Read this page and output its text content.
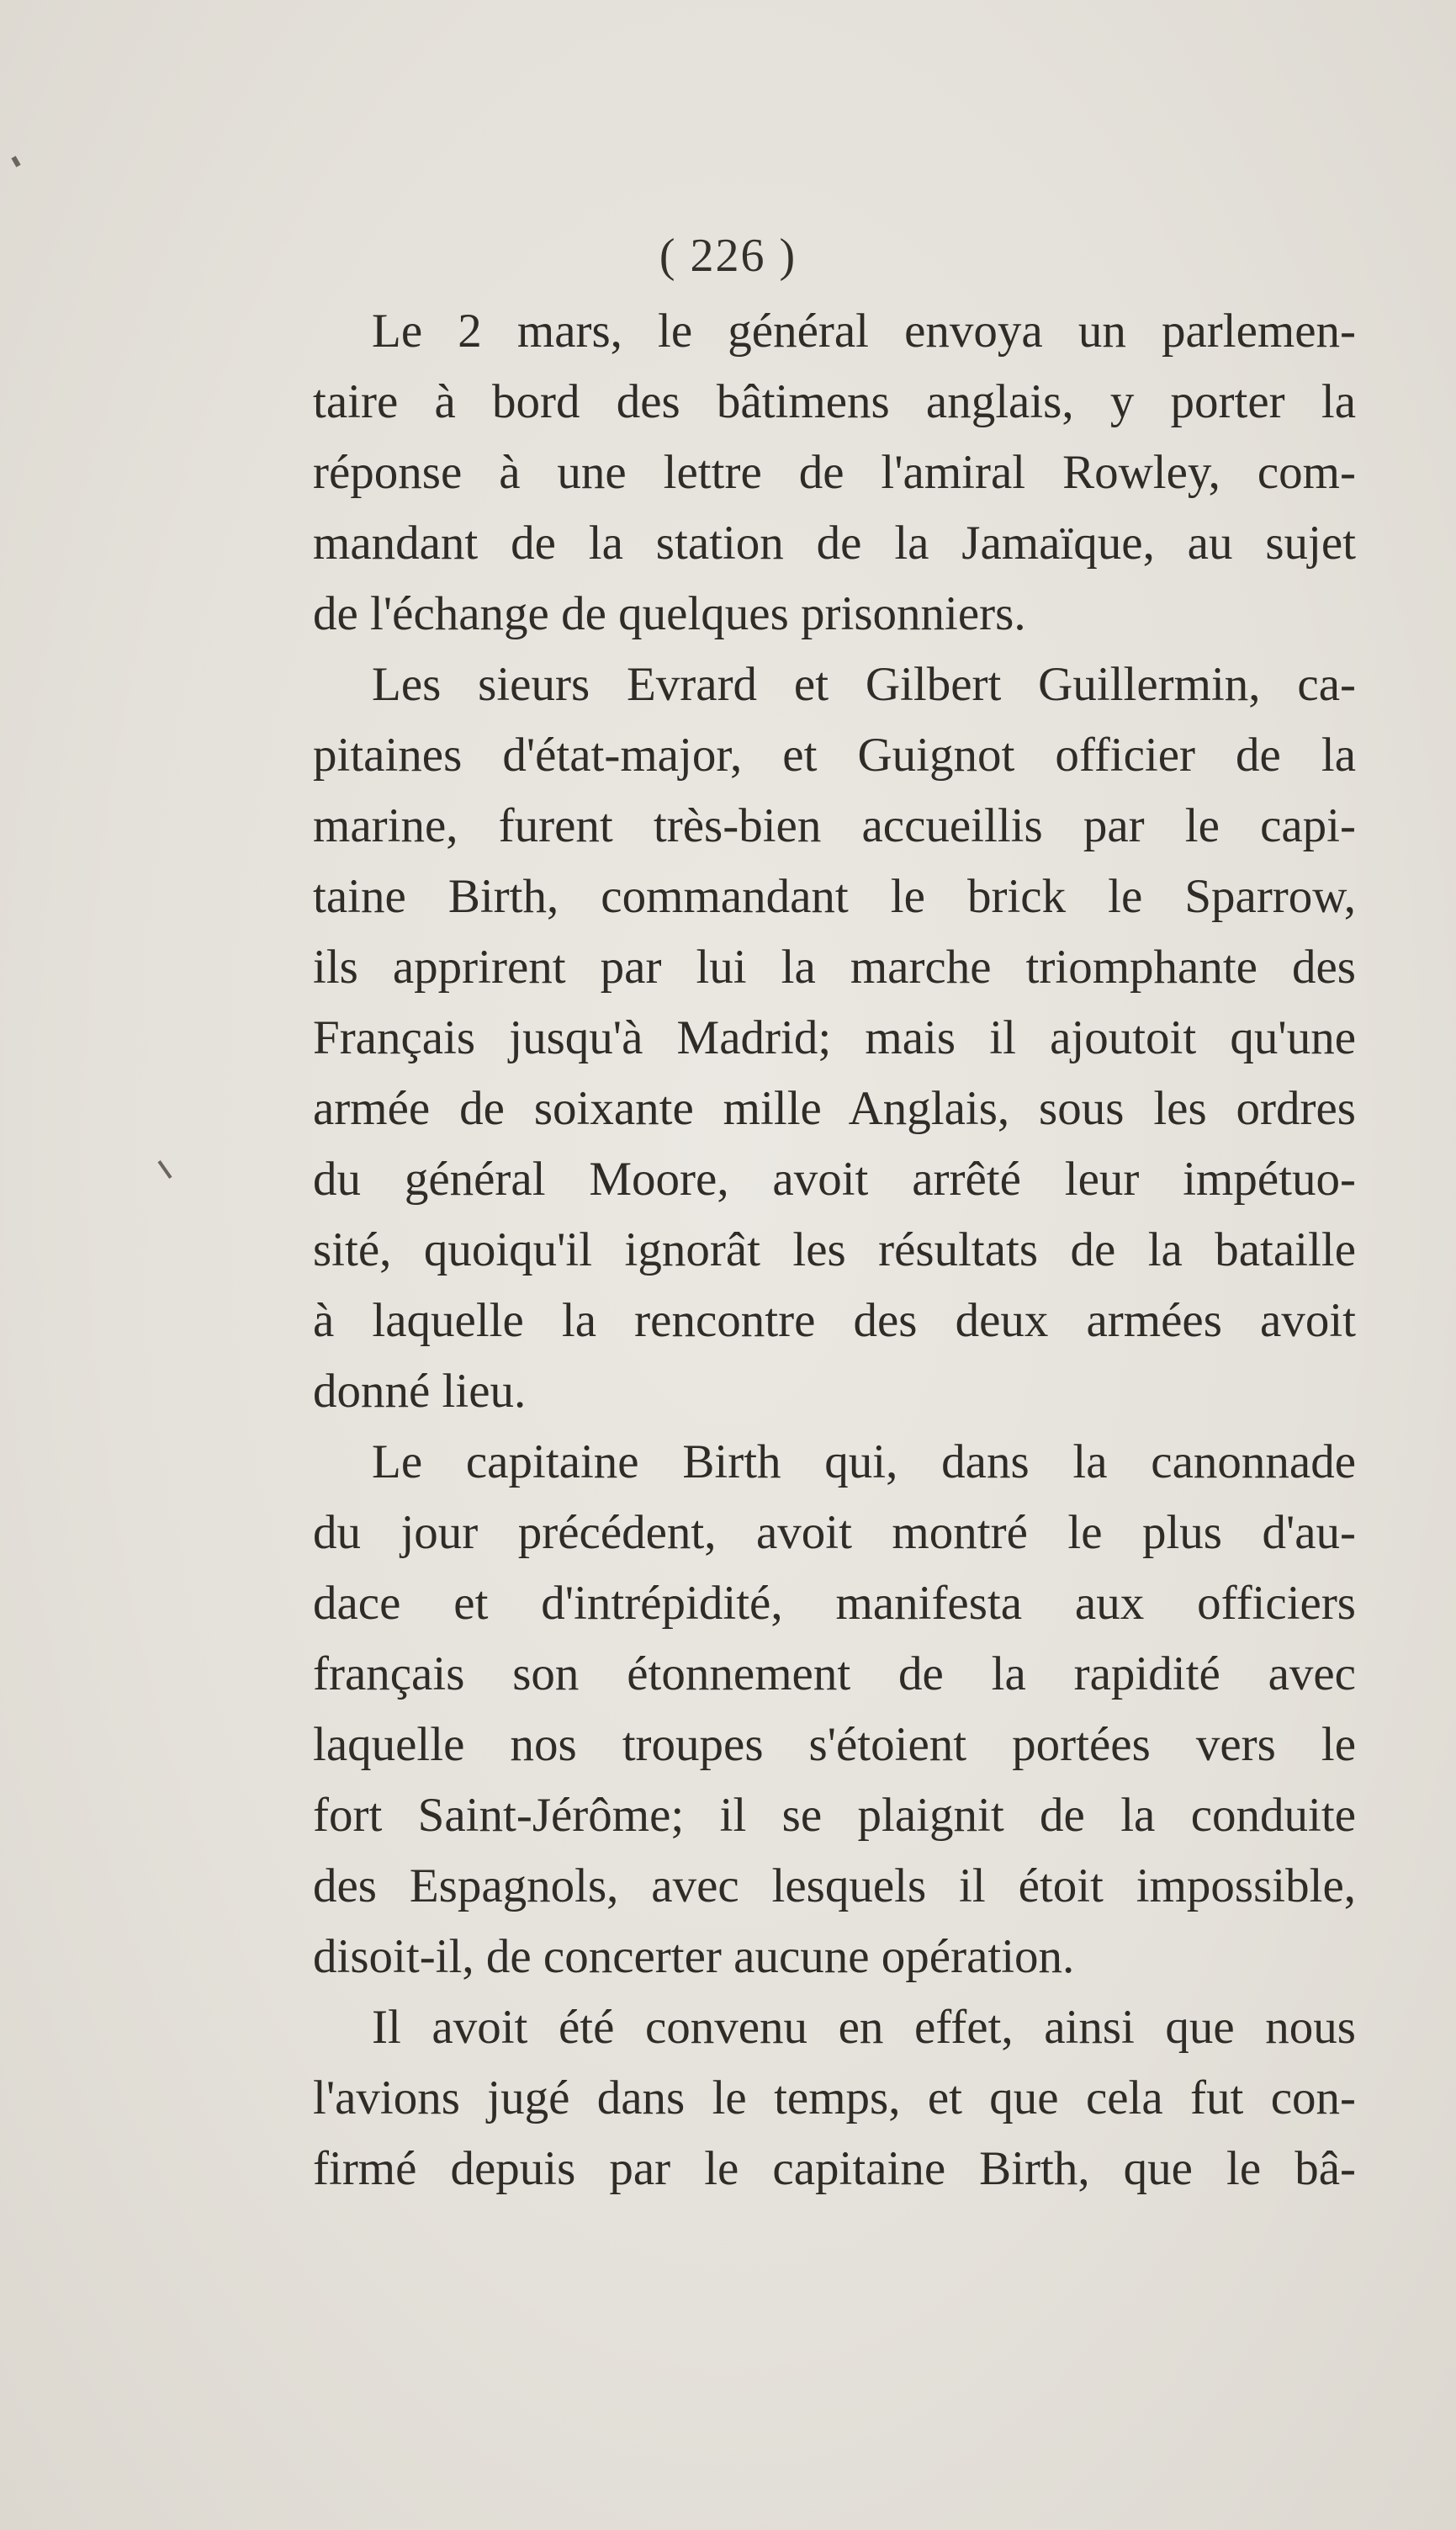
( 226 )
Le 2 mars, le général envoya un parlemen-
taire à bord des bâtimens anglais, y porter la
réponse à une lettre de l'amiral Rowley, com-
mandant de la station de la Jamaïque, au sujet
de l'échange de quelques prisonniers.
Les sieurs Evrard et Gilbert Guillermin, ca-
pitaines d'état-major, et Guignot officier de la
marine, furent très-bien accueillis par le capi-
taine Birth, commandant le brick le Sparrow,
ils apprirent par lui la marche triomphante des
Français jusqu'à Madrid; mais il ajoutoit qu'une
armée de soixante mille Anglais, sous les ordres
du général Moore, avoit arrêté leur impétuo-
sité, quoiqu'il ignorât les résultats de la bataille
à laquelle la rencontre des deux armées avoit
donné lieu.
Le capitaine Birth qui, dans la canonnade
du jour précédent, avoit montré le plus d'au-
dace et d'intrépidité, manifesta aux officiers
français son étonnement de la rapidité avec
laquelle nos troupes s'étoient portées vers le
fort Saint-Jérôme; il se plaignit de la conduite
des Espagnols, avec lesquels il étoit impossible,
disoit-il, de concerter aucune opération.
Il avoit été convenu en effet, ainsi que nous
l'avions jugé dans le temps, et que cela fut con-
firmé depuis par le capitaine Birth, que le bâ-
